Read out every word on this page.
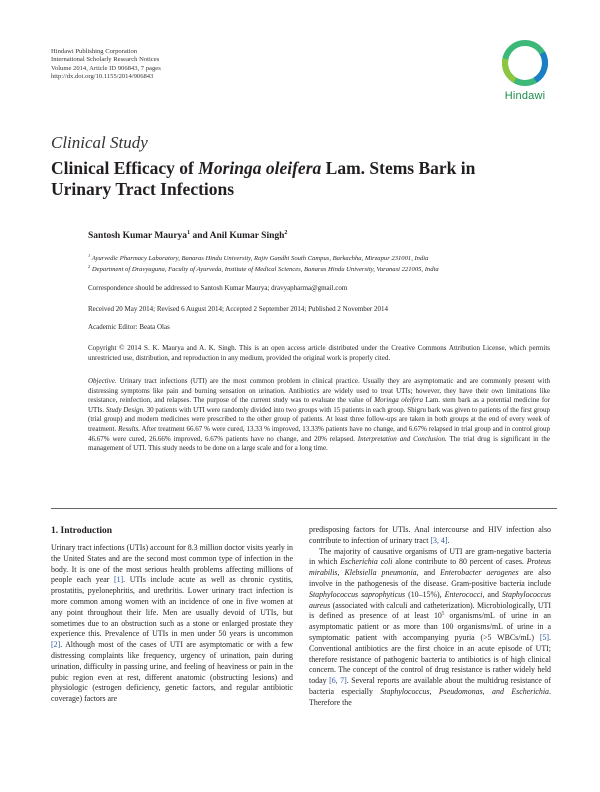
Hindawi Publishing Corporation
International Scholarly Research Notices
Volume 2014, Article ID 906843, 7 pages
http://dx.doi.org/10.1155/2014/906843
Hindawi
Clinical Study
Clinical Efficacy of Moringa oleifera Lam. Stems Bark in Urinary Tract Infections
Santosh Kumar Maurya$^1$ and Anil Kumar Singh$^2$
$^1$ Ayurvedic Pharmacy Laboratory, Banaras Hindu University, Rajiv Gandhi South Campus, Barkachha, Mirzapur 231001, India
$^2$ Department of Dravyaguna, Faculty of Ayurveda, Institute of Medical Sciences, Banaras Hindu University, Varanasi 221005, India
Correspondence should be addressed to Santosh Kumar Maurya; dravyapharma@gmail.com
Received 20 May 2014; Revised 6 August 2014; Accepted 2 September 2014; Published 2 November 2014
Academic Editor: Beata Olas
Copyright © 2014 S. K. Maurya and A. K. Singh. This is an open access article distributed under the Creative Commons Attribution License, which permits unrestricted use, distribution, and reproduction in any medium, provided the original work is properly cited.
Objective. Urinary tract infections (UTI) are the most common problem in clinical practice. Usually they are asymptomatic and are commonly present with distressing symptoms like pain and burning sensation on urination. Antibiotics are widely used to treat UTIs; however, they have their own limitations like resistance, reinfection, and relapses. The purpose of the current study was to evaluate the value of Moringa oleifera Lam. stem bark as a potential medicine for UTIs. Study Design. 30 patients with UTI were randomly divided into two groups with 15 patients in each group. Shigru bark was given to patients of the first group (trial group) and modern medicines were prescribed to the other group of patients. At least three follow-ups are taken in both groups at the end of every week of treatment. Results. After treatment 66.67 % were cured, 13.33 % improved, 13.33% patients have no change, and 6.67% relapsed in trial group and in control group 46.67% were cured, 26.66% improved, 6.67% patients have no change, and 20% relapsed. Interpretation and Conclusion. The trial drug is significant in the management of UTI. This study needs to be done on a large scale and for a long time.
1. Introduction
Urinary tract infections (UTIs) account for 8.3 million doctor visits yearly in the United States and are the second most common type of infection in the body. It is one of the most serious health problems affecting millions of people each year [1]. UTIs include acute as well as chronic cystitis, prostatitis, pyelonephritis, and urethritis. Lower urinary tract infection is more common among women with an incidence of one in five women at any point throughout their life. Men are usually devoid of UTIs, but sometimes due to an obstruction such as a stone or enlarged prostate they experience this. Prevalence of UTIs in men under 50 years is uncommon [2]. Although most of the cases of UTI are asymptomatic or with a few distressing complaints like frequency, urgency of urination, pain during urination, difficulty in passing urine, and feeling of heaviness or pain in the pubic region even at rest, different anatomic (obstructing lesions) and physiologic (estrogen deficiency, genetic factors, and regular antibiotic coverage) factors are
predisposing factors for UTIs. Anal intercourse and HIV infection also contribute to infection of urinary tract [3, 4].
The majority of causative organisms of UTI are gram-negative bacteria in which Escherichia coli alone contribute to 80 percent of cases. Proteus mirabilis, Klebsiella pneumonia, and Enterobacter aerogenes are also involve in the pathogenesis of the disease. Gram-positive bacteria include Staphylococcus saprophyticus (10–15%), Enterococci, and Staphylococcus aureus (associated with calculi and catheterization). Microbiologically, UTI is defined as presence of at least $10^5$ organisms/mL of urine in an asymptomatic patient or as more than 100 organisms/mL of urine in a symptomatic patient with accompanying pyuria (>5 WBCs/mL) [5]. Conventional antibiotics are the first choice in an acute episode of UTI; therefore resistance of pathogenic bacteria to antibiotics is of high clinical concern. The concept of the control of drug resistance is rather widely held today [6, 7]. Several reports are available about the multidrug resistance of bacteria especially Staphylococcus, Pseudomonas, and Escherichia. Therefore the
